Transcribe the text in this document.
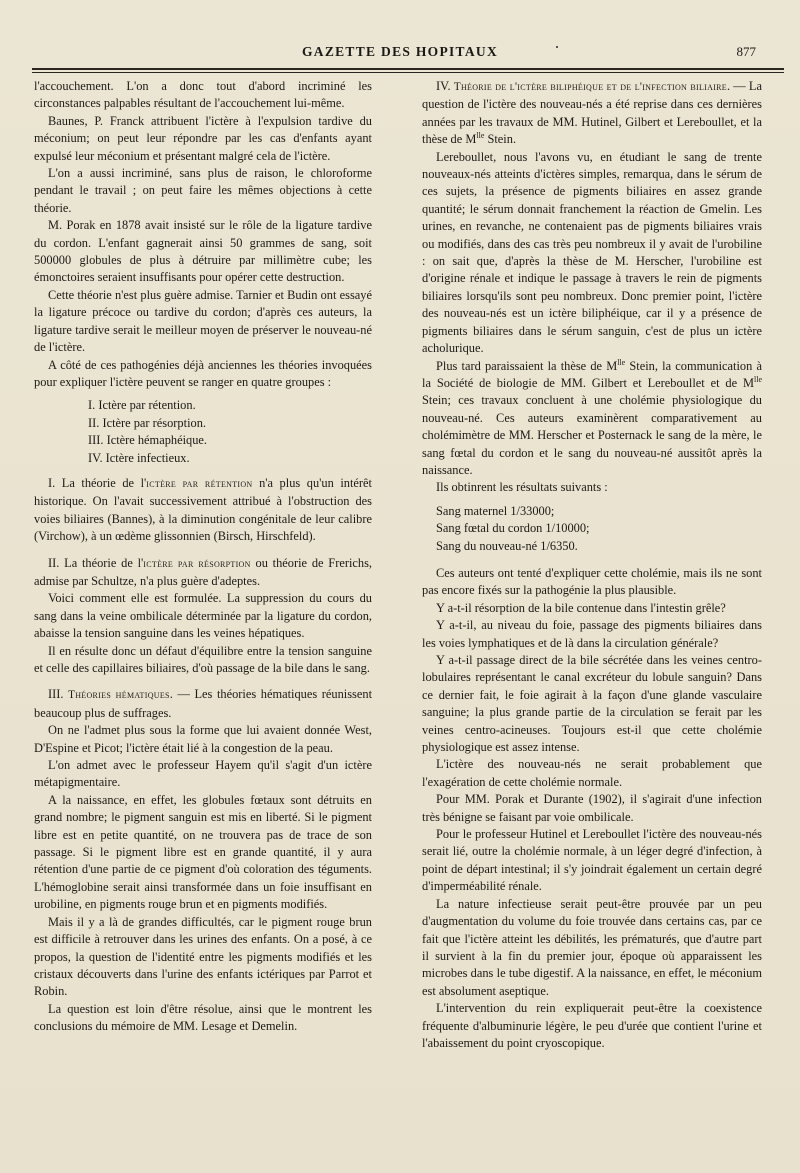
GAZETTE DES HOPITAUX	877

l'accouchement. L'on a donc tout d'abord incriminé les circonstances palpables résultant de l'accouchement lui-même.

Baunes, P. Franck attribuent l'ictère à l'expulsion tardive du méconium; on peut leur répondre par les cas d'enfants ayant expulsé leur méconium et présentant malgré cela de l'ictère.

L'on a aussi incriminé, sans plus de raison, le chloroforme pendant le travail ; on peut faire les mêmes objections à cette théorie.

M. Porak en 1878 avait insisté sur le rôle de la ligature tardive du cordon. L'enfant gagnerait ainsi 50 grammes de sang, soit 500000 globules de plus à détruire par millimètre cube; les émonctoires seraient insuffisants pour opérer cette destruction.

Cette théorie n'est plus guère admise. Tarnier et Budin ont essayé la ligature précoce ou tardive du cordon; d'après ces auteurs, la ligature tardive serait le meilleur moyen de préserver le nouveau-né de l'ictère.

A côté de ces pathogénies déjà anciennes les théories invoquées pour expliquer l'ictère peuvent se ranger en quatre groupes :

I. Ictère par rétention.
II. Ictère par résorption.
III. Ictère hémaphéique.
IV. Ictère infectieux.

I. La théorie de l'ictère par rétention n'a plus qu'un intérêt historique. On l'avait successivement attribué à l'obstruction des voies biliaires (Bannes), à la diminution congénitale de leur calibre (Virchow), à un œdème glissonnien (Birsch, Hirschfeld).

II. La théorie de l'ictère par résorption ou théorie de Frerichs, admise par Schultze, n'a plus guère d'adeptes.

Voici comment elle est formulée. La suppression du cours du sang dans la veine ombilicale déterminée par la ligature du cordon, abaisse la tension sanguine dans les veines hépatiques.

Il en résulte donc un défaut d'équilibre entre la tension sanguine et celle des capillaires biliaires, d'où passage de la bile dans le sang.

III. Théories hématiques. — Les théories hématiques réunissent beaucoup plus de suffrages.

On ne l'admet plus sous la forme que lui avaient donnée West, D'Espine et Picot; l'ictère était lié à la congestion de la peau.

L'on admet avec le professeur Hayem qu'il s'agit d'un ictère métapigmentaire.

A la naissance, en effet, les globules fœtaux sont détruits en grand nombre; le pigment sanguin est mis en liberté. Si le pigment libre est en petite quantité, on ne trouvera pas de trace de son passage. Si le pigment libre est en grande quantité, il y aura rétention d'une partie de ce pigment d'où coloration des téguments. L'hémoglobine serait ainsi transformée dans un foie insuffisant en urobiline, en pigments rouge brun et en pigments modifiés.

Mais il y a là de grandes difficultés, car le pigment rouge brun est difficile à retrouver dans les urines des enfants. On a posé, à ce propos, la question de l'identité entre les pigments modifiés et les cristaux découverts dans l'urine des enfants ictériques par Parrot et Robin.

La question est loin d'être résolue, ainsi que le montrent les conclusions du mémoire de MM. Lesage et Demelin.

IV. Théorie de l'ictère biliphéique et de l'infection biliaire. — La question de l'ictère des nouveau-nés a été reprise dans ces dernières années par les travaux de MM. Hutinel, Gilbert et Lereboullet, et la thèse de $M^{lle}$ Stein.

Lereboullet, nous l'avons vu, en étudiant le sang de trente nouveaux-nés atteints d'ictères simples, remarqua, dans le sérum de ces sujets, la présence de pigments biliaires en assez grande quantité; le sérum donnait franchement la réaction de Gmelin. Les urines, en revanche, ne contenaient pas de pigments biliaires vrais ou modifiés, dans des cas très peu nombreux il y avait de l'urobiline : on sait que, d'après la thèse de M. Herscher, l'urobiline est d'origine rénale et indique le passage à travers le rein de pigments biliaires lorsqu'ils sont peu nombreux. Donc premier point, l'ictère des nouveau-nés est un ictère biliphéique, car il y a présence de pigments biliaires dans le sérum sanguin, c'est de plus un ictère acholurique.

Plus tard paraissaient la thèse de $M^{lle}$ Stein, la communication à la Société de biologie de MM. Gilbert et Lereboullet et de $M^{lle}$ Stein; ces travaux concluent à une cholémie physiologique du nouveau-né. Ces auteurs examinèrent comparativement au cholémimètre de MM. Herscher et Posternack le sang de la mère, le sang fœtal du cordon et le sang du nouveau-né aussitôt après la naissance.

Ils obtinrent les résultats suivants :

Sang maternel 1/33000;
Sang fœtal du cordon 1/10000;
Sang du nouveau-né 1/6350.

Ces auteurs ont tenté d'expliquer cette cholémie, mais ils ne sont pas encore fixés sur la pathogénie la plus plausible.

Y a-t-il résorption de la bile contenue dans l'intestin grêle?

Y a-t-il, au niveau du foie, passage des pigments biliaires dans les voies lymphatiques et de là dans la circulation générale?

Y a-t-il passage direct de la bile sécrétée dans les veines centro-lobulaires représentant le canal excréteur du lobule sanguin? Dans ce dernier fait, le foie agirait à la façon d'une glande vasculaire sanguine; la plus grande partie de la circulation se ferait par les veines centro-acineuses. Toujours est-il que cette cholémie physiologique est assez intense.

L'ictère des nouveau-nés ne serait probablement que l'exagération de cette cholémie normale.

Pour MM. Porak et Durante (1902), il s'agirait d'une infection très bénigne se faisant par voie ombilicale.

Pour le professeur Hutinel et Lereboullet l'ictère des nouveau-nés serait lié, outre la cholémie normale, à un léger degré d'infection, à point de départ intestinal; il s'y joindrait également un certain degré d'imperméabilité rénale.

La nature infectieuse serait peut-être prouvée par un peu d'augmentation du volume du foie trouvée dans certains cas, par ce fait que l'ictère atteint les débilités, les prématurés, que d'autre part il survient à la fin du premier jour, époque où apparaissent les microbes dans le tube digestif. A la naissance, en effet, le méconium est absolument aseptique.

L'intervention du rein expliquerait peut-être la coexistence fréquente d'albuminurie légère, le peu d'urée que contient l'urine et l'abaissement du point cryoscopique.
